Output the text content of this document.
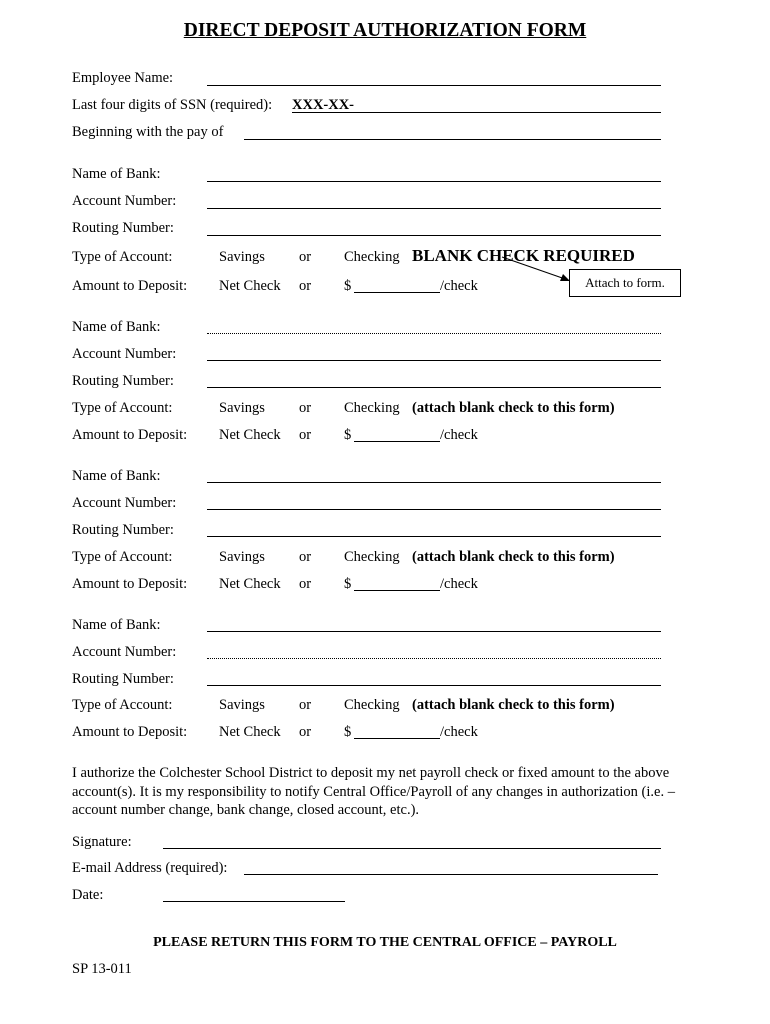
DIRECT DEPOSIT AUTHORIZATION FORM
Employee Name:
Last four digits of SSN (required): XXX-XX-
Beginning with the pay of
Name of Bank:
Account Number:
Routing Number:
Type of Account:	Savings or Checking BLANK CHECK REQUIRED
Amount to Deposit: Net Check or $	/check	Attach to form.
Name of Bank:
Account Number:
Routing Number:
Type of Account:	Savings or Checking (attach blank check to this form)
Amount to Deposit: Net Check or $	/check
Name of Bank:
Account Number:
Routing Number:
Type of Account:	Savings or Checking (attach blank check to this form)
Amount to Deposit: Net Check or $	/check
Name of Bank:
Account Number:
Routing Number:
Type of Account:	Savings or Checking (attach blank check to this form)
Amount to Deposit: Net Check or $	/check
I authorize the Colchester School District to deposit my net payroll check or fixed amount to the above account(s). It is my responsibility to notify Central Office/Payroll of any changes in authorization (i.e. – account number change, bank change, closed account, etc.).
Signature:
E-mail Address (required):
Date:
PLEASE RETURN THIS FORM TO THE CENTRAL OFFICE – PAYROLL
SP 13-011
